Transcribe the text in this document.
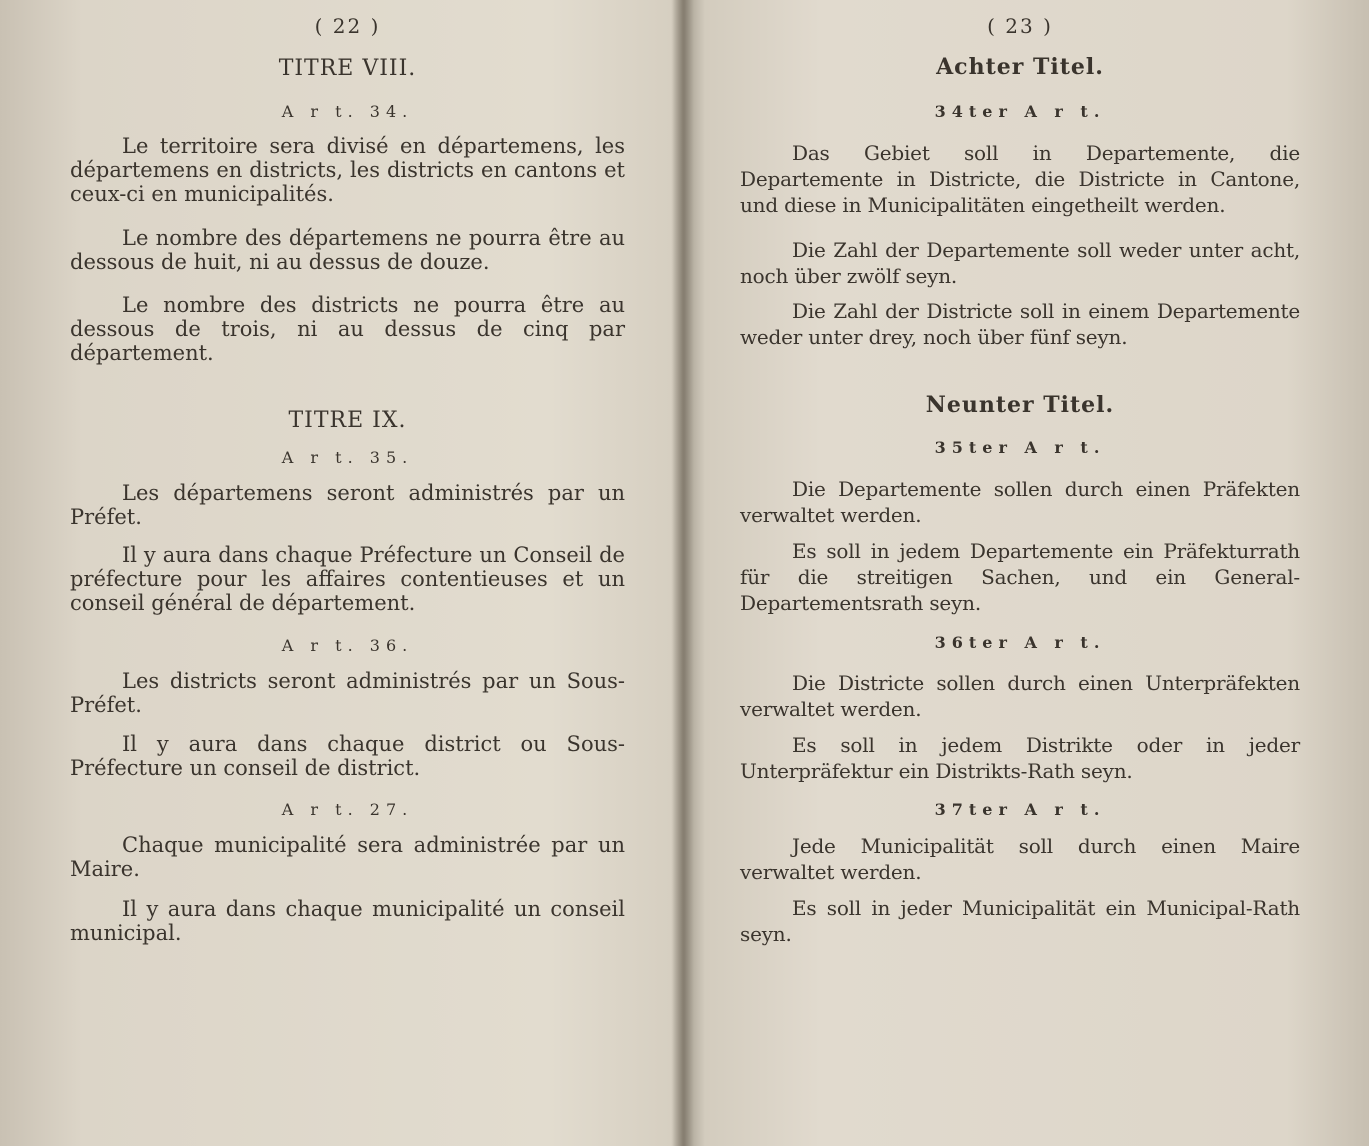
( 22 )
TITRE VIII.
A r t. 34.
Le territoire sera divisé en départemens, les départemens en districts, les districts en cantons et ceux-ci en municipalités.
Le nombre des départemens ne pourra être au dessous de huit, ni au dessus de douze.
Le nombre des districts ne pourra être au dessous de trois, ni au dessus de cinq par département.
TITRE IX.
A r t. 35.
Les départemens seront administrés par un Préfet.
Il y aura dans chaque Préfecture un Conseil de préfecture pour les affaires contentieuses et un conseil général de département.
A r t. 36.
Les districts seront administrés par un Sous-Préfet.
Il y aura dans chaque district ou Sous-Préfecture un conseil de district.
A r t. 27.
Chaque municipalité sera administrée par un Maire.
Il y aura dans chaque municipalité un conseil municipal.
( 23 )
Achter Titel.
34ter A r t.
Das Gebiet soll in Departemente, die Departemente in Districte, die Districte in Cantone, und diese in Municipalitäten eingetheilt werden.
Die Zahl der Departemente soll weder unter acht, noch über zwölf seyn.
Die Zahl der Districte soll in einem Departemente weder unter drey, noch über fünf seyn.
Neunter Titel.
35ter A r t.
Die Departemente sollen durch einen Präfekten verwaltet werden.
Es soll in jedem Departemente ein Präfekturrath für die streitigen Sachen, und ein General-Departementsrath seyn.
36ter A r t.
Die Districte sollen durch einen Unterpräfekten verwaltet werden.
Es soll in jedem Distrikte oder in jeder Unterpräfektur ein Distrikts-Rath seyn.
37ter A r t.
Jede Municipalität soll durch einen Maire verwaltet werden.
Es soll in jeder Municipalität ein Municipal-Rath seyn.
